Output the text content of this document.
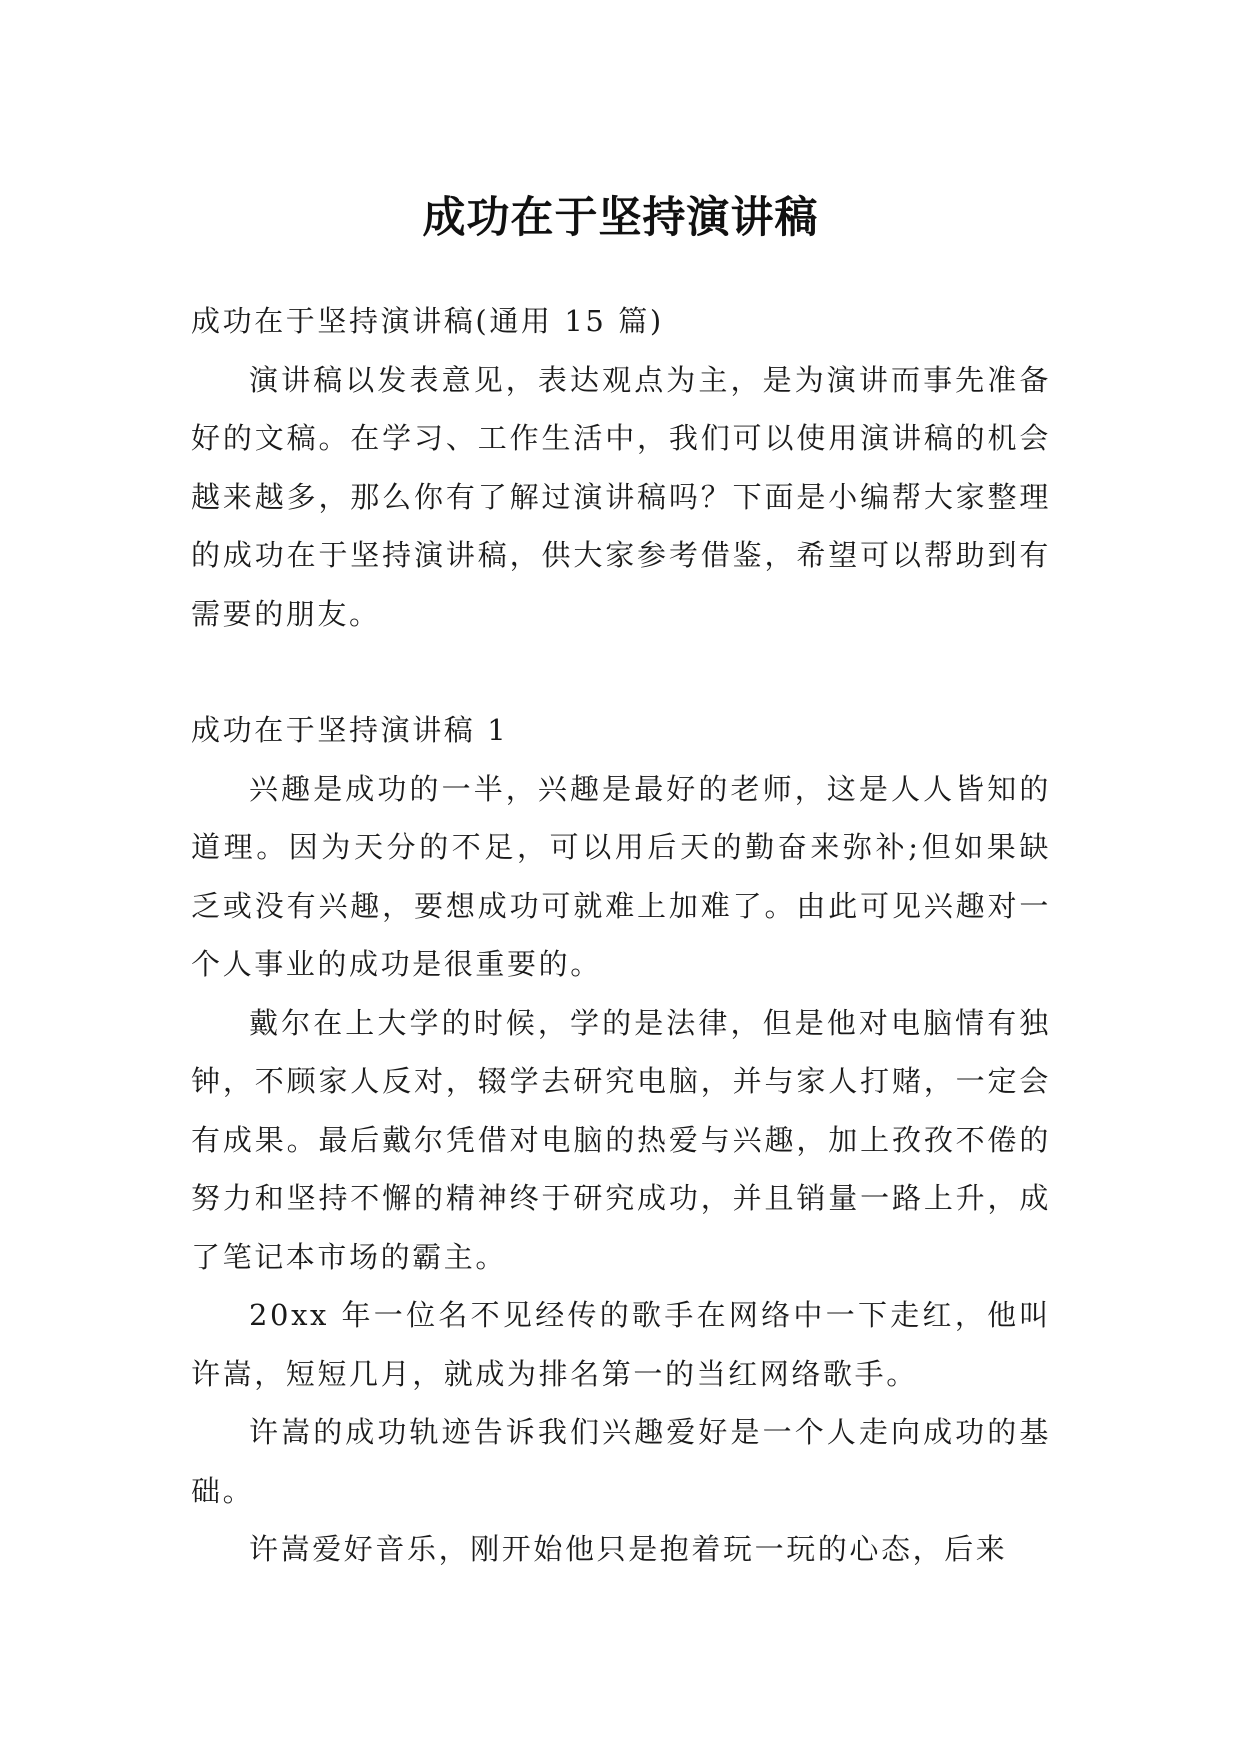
成功在于坚持演讲稿

成功在于坚持演讲稿(通用 15 篇)

演讲稿以发表意见，表达观点为主，是为演讲而事先准备好的文稿。在学习、工作生活中，我们可以使用演讲稿的机会越来越多，那么你有了解过演讲稿吗？下面是小编帮大家整理的成功在于坚持演讲稿，供大家参考借鉴，希望可以帮助到有需要的朋友。

成功在于坚持演讲稿 1

兴趣是成功的一半，兴趣是最好的老师，这是人人皆知的道理。因为天分的不足，可以用后天的勤奋来弥补;但如果缺乏或没有兴趣，要想成功可就难上加难了。由此可见兴趣对一个人事业的成功是很重要的。

戴尔在上大学的时候，学的是法律，但是他对电脑情有独钟，不顾家人反对，辍学去研究电脑，并与家人打赌，一定会有成果。最后戴尔凭借对电脑的热爱与兴趣，加上孜孜不倦的努力和坚持不懈的精神终于研究成功，并且销量一路上升，成了笔记本市场的霸主。

20xx 年一位名不见经传的歌手在网络中一下走红，他叫许嵩，短短几月，就成为排名第一的当红网络歌手。

许嵩的成功轨迹告诉我们兴趣爱好是一个人走向成功的基础。

许嵩爱好音乐，刚开始他只是抱着玩一玩的心态，后来
